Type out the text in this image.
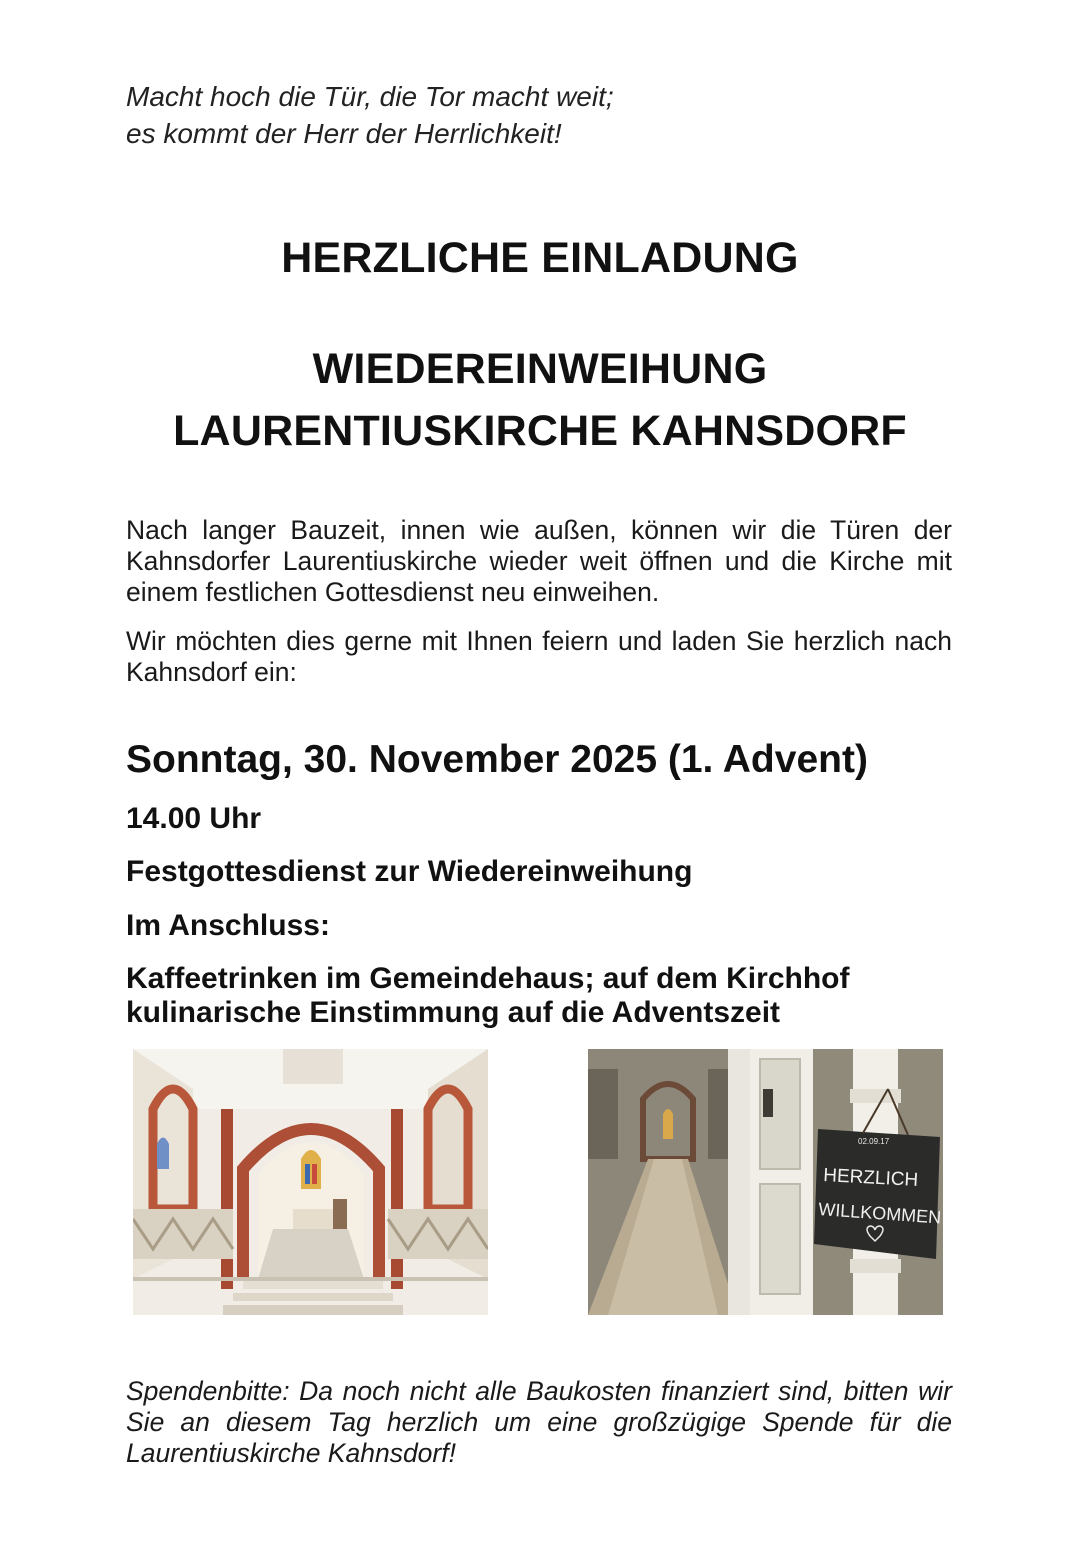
Macht hoch die Tür, die Tor macht weit;
es kommt der Herr der Herrlichkeit!
HERZLICHE EINLADUNG
WIEDEREINWEIHUNG
LAURENTIUSKIRCHE KAHNSDORF
Nach langer Bauzeit, innen wie außen, können wir die Türen der Kahnsdorfer Laurentiuskirche wieder weit öffnen und die Kirche mit einem festlichen Gottesdienst neu einweihen.
Wir möchten dies gerne mit Ihnen feiern und laden Sie herzlich nach Kahnsdorf ein:
Sonntag, 30. November 2025 (1. Advent)
14.00 Uhr
Festgottesdienst zur Wiedereinweihung
Im Anschluss:
Kaffeetrinken im Gemeindehaus; auf dem Kirchhof kulinarische Einstimmung auf die Adventszeit
02.09.17
HERZLICH
WILLKOMMEN
Spendenbitte: Da noch nicht alle Baukosten finanziert sind, bitten wir Sie an diesem Tag herzlich um eine großzügige Spende für die Laurentiuskirche Kahnsdorf!
